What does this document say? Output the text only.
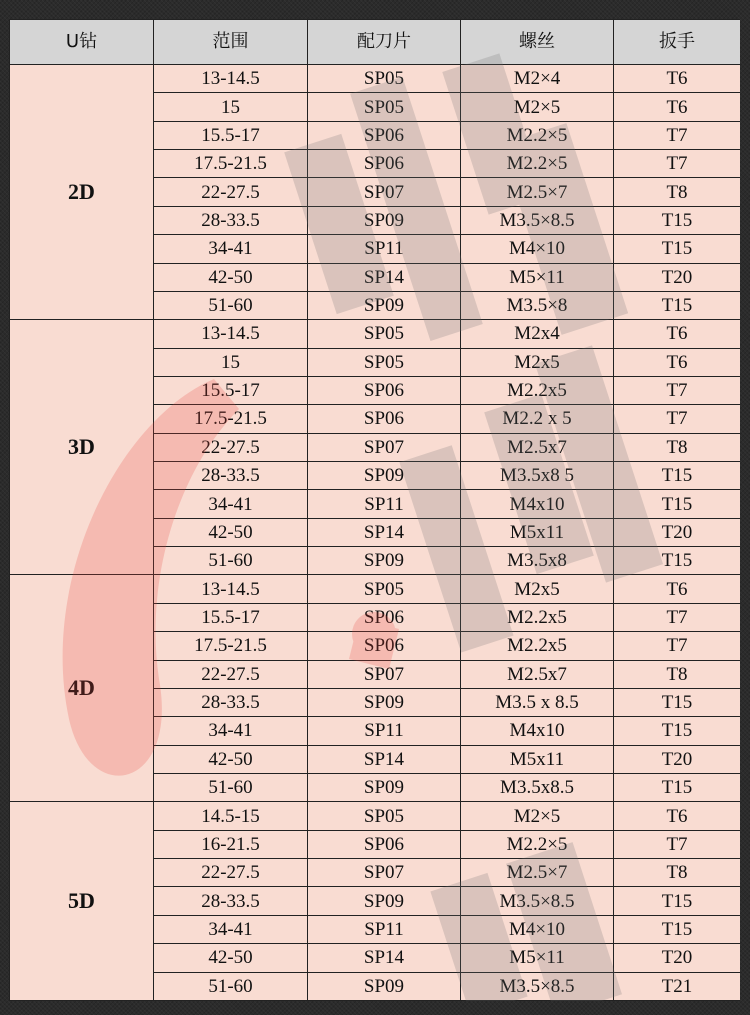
U钻	范围	配刀片	螺丝	扳手
2D	13-14.5	SP05	M2×4	T6
	15	SP05	M2×5	T6
	15.5-17	SP06	M2.2×5	T7
	17.5-21.5	SP06	M2.2×5	T7
	22-27.5	SP07	M2.5×7	T8
	28-33.5	SP09	M3.5×8.5	T15
	34-41	SP11	M4×10	T15
	42-50	SP14	M5×11	T20
	51-60	SP09	M3.5×8	T15
3D	13-14.5	SP05	M2x4	T6
	15	SP05	M2x5	T6
	15.5-17	SP06	M2.2x5	T7
	17.5-21.5	SP06	M2.2 x 5	T7
	22-27.5	SP07	M2.5x7	T8
	28-33.5	SP09	M3.5x8 5	T15
	34-41	SP11	M4x10	T15
	42-50	SP14	M5x11	T20
	51-60	SP09	M3.5x8	T15
4D	13-14.5	SP05	M2x5	T6
	15.5-17	SP06	M2.2x5	T7
	17.5-21.5	SP06	M2.2x5	T7
	22-27.5	SP07	M2.5x7	T8
	28-33.5	SP09	M3.5 x 8.5	T15
	34-41	SP11	M4x10	T15
	42-50	SP14	M5x11	T20
	51-60	SP09	M3.5x8.5	T15
5D	14.5-15	SP05	M2×5	T6
	16-21.5	SP06	M2.2×5	T7
	22-27.5	SP07	M2.5×7	T8
	28-33.5	SP09	M3.5×8.5	T15
	34-41	SP11	M4×10	T15
	42-50	SP14	M5×11	T20
	51-60	SP09	M3.5×8.5	T21
